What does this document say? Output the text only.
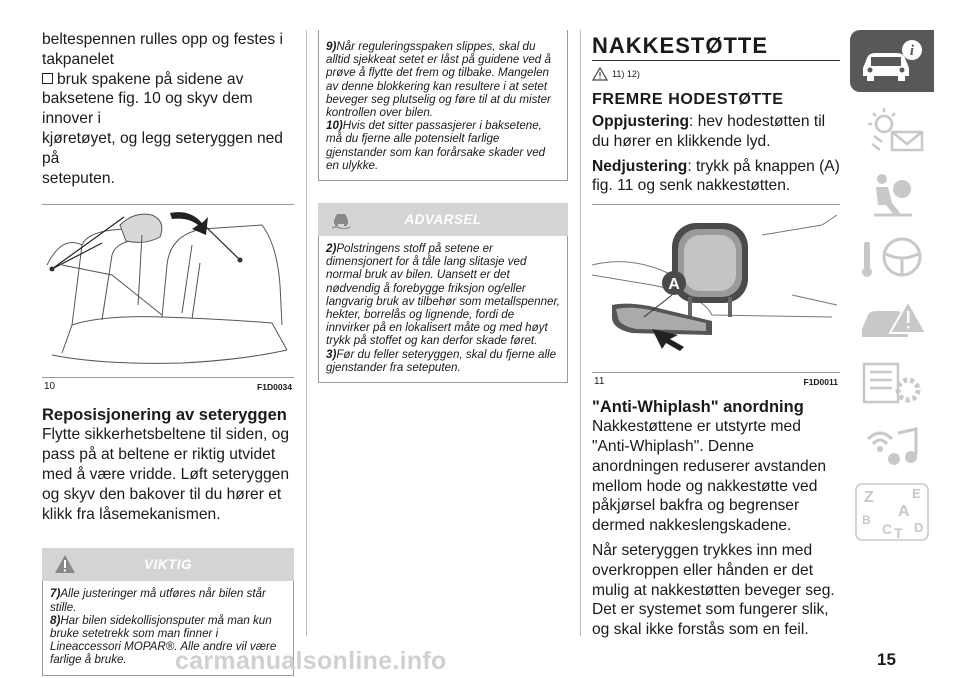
beltespennen rulles opp og festes i

takpanelet

bruk spakene på sidene av

baksetene fig. 10 og skyv dem innover i

kjøretøyet, og legg seteryggen ned på

seteputen.

10	F1D0034
Reposisjonering av seteryggen

Flytte sikkerhetsbeltene til siden, og pass på at beltene er riktig utvidet med å være vridde. Løft seteryggen og skyv den bakover til du hører et klikk fra låsemekanismen.

VIKTIG

7)Alle justeringer må utføres når bilen står stille.

8)Har bilen sidekollisjonsputer må man kun bruke setetrekk som man finner i Lineaccessori MOPAR®. Alle andre vil være farlige å bruke.

9)Når reguleringsspaken slippes, skal du alltid sjekkeat setet er låst på guidene ved å prøve å flytte det frem og tilbake. Mangelen av denne blokkering kan resultere i at setet beveger seg plutselig og føre til at du mister kontrollen over bilen.

10)Hvis det sitter passasjerer i baksetene, må du fjerne alle potensielt farlige gjenstander som kan forårsake skader ved en ulykke.

ADVARSEL

2)Polstringens stoff på setene er dimensjonert for å tåle lang slitasje ved normal bruk av bilen. Uansett er det nødvendig å forebygge friksjon og/eller langvarig bruk av tilbehør som metallspenner, hekter, borrelås og lignende, fordi de innvirker på en lokalisert måte og med høyt trykk på stoffet og kan derfor skade føret.

3)Før du feller seteryggen, skal du fjerne alle gjenstander fra seteputen.

NAKKESTØTTE
11) 12)
FREMRE HODESTØTTE

Oppjustering: hev hodestøtten til du hører en klikkende lyd.

Nedjustering: trykk på knappen (A) fig. 11 og senk nakkestøtten.

A
11	F1D0011
"Anti-Whiplash" anordning

Nakkestøttene er utstyrte med "Anti-Whiplash". Denne anordningen reduserer avstanden mellom hode og nakkestøtte ved påkjørsel bakfra og begrenser dermed nakkeslengskadene.

Når seteryggen trykkes inn med overkroppen eller hånden er det mulig at nakkestøtten beveger seg. Det er systemet som fungerer slik, og skal ikke forstås som en feil.

i
Z	E
A
B
C T D
carmanualsonline.info	15
